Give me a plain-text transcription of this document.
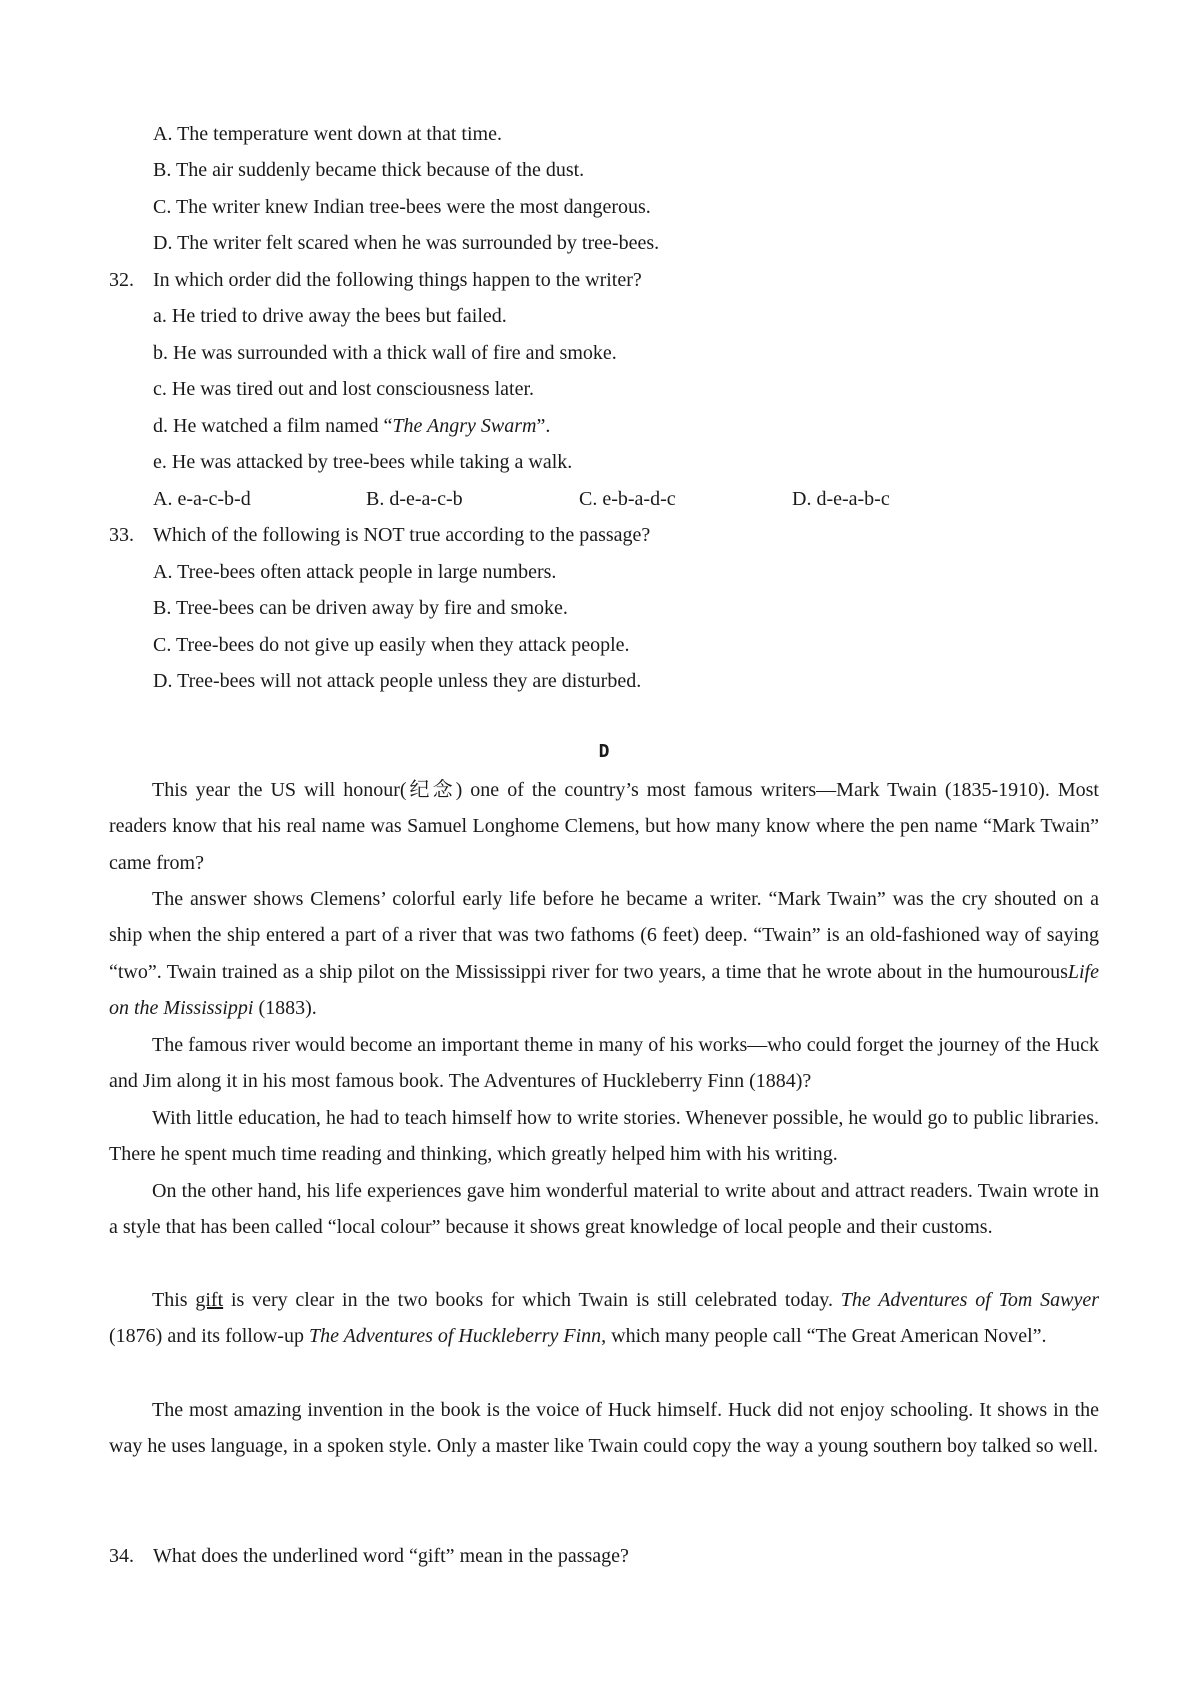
A. The temperature went down at that time.
B. The air suddenly became thick because of the dust.
C. The writer knew Indian tree-bees were the most dangerous.
D. The writer felt scared when he was surrounded by tree-bees.
32. In which order did the following things happen to the writer?
a. He tried to drive away the bees but failed.
b. He was surrounded with a thick wall of fire and smoke.
c. He was tired out and lost consciousness later.
d. He watched a film named “The Angry Swarm”.
e. He was attacked by tree-bees while taking a walk.
A. e-a-c-b-d	B. d-e-a-c-b	C. e-b-a-d-c	D. d-e-a-b-c
33. Which of the following is NOT true according to the passage?
A. Tree-bees often attack people in large numbers.
B. Tree-bees can be driven away by fire and smoke.
C. Tree-bees do not give up easily when they attack people.
D. Tree-bees will not attack people unless they are disturbed.
D
This year the US will honour(纪念) one of the country’s most famous writers—Mark Twain (1835-1910). Most readers know that his real name was Samuel Longhome Clemens, but how many know where the pen name “Mark Twain” came from?
The answer shows Clemens’ colorful early life before he became a writer. “Mark Twain” was the cry shouted on a ship when the ship entered a part of a river that was two fathoms (6 feet) deep. “Twain” is an old-fashioned way of saying “two”. Twain trained as a ship pilot on the Mississippi river for two years, a time that he wrote about in the humourousLife on the Mississippi (1883).
The famous river would become an important theme in many of his works—who could forget the journey of the Huck and Jim along it in his most famous book. The Adventures of Huckleberry Finn (1884)?
With little education, he had to teach himself how to write stories. Whenever possible, he would go to public libraries. There he spent much time reading and thinking, which greatly helped him with his writing.
On the other hand, his life experiences gave him wonderful material to write about and attract readers. Twain wrote in a style that has been called “local colour” because it shows great knowledge of local people and their customs.
This gift is very clear in the two books for which Twain is still celebrated today. The Adventures of Tom Sawyer (1876) and its follow-up The Adventures of Huckleberry Finn, which many people call “The Great American Novel”.
The most amazing invention in the book is the voice of Huck himself. Huck did not enjoy schooling. It shows in the way he uses language, in a spoken style. Only a master like Twain could copy the way a young southern boy talked so well.
34. What does the underlined word “gift” mean in the passage?
